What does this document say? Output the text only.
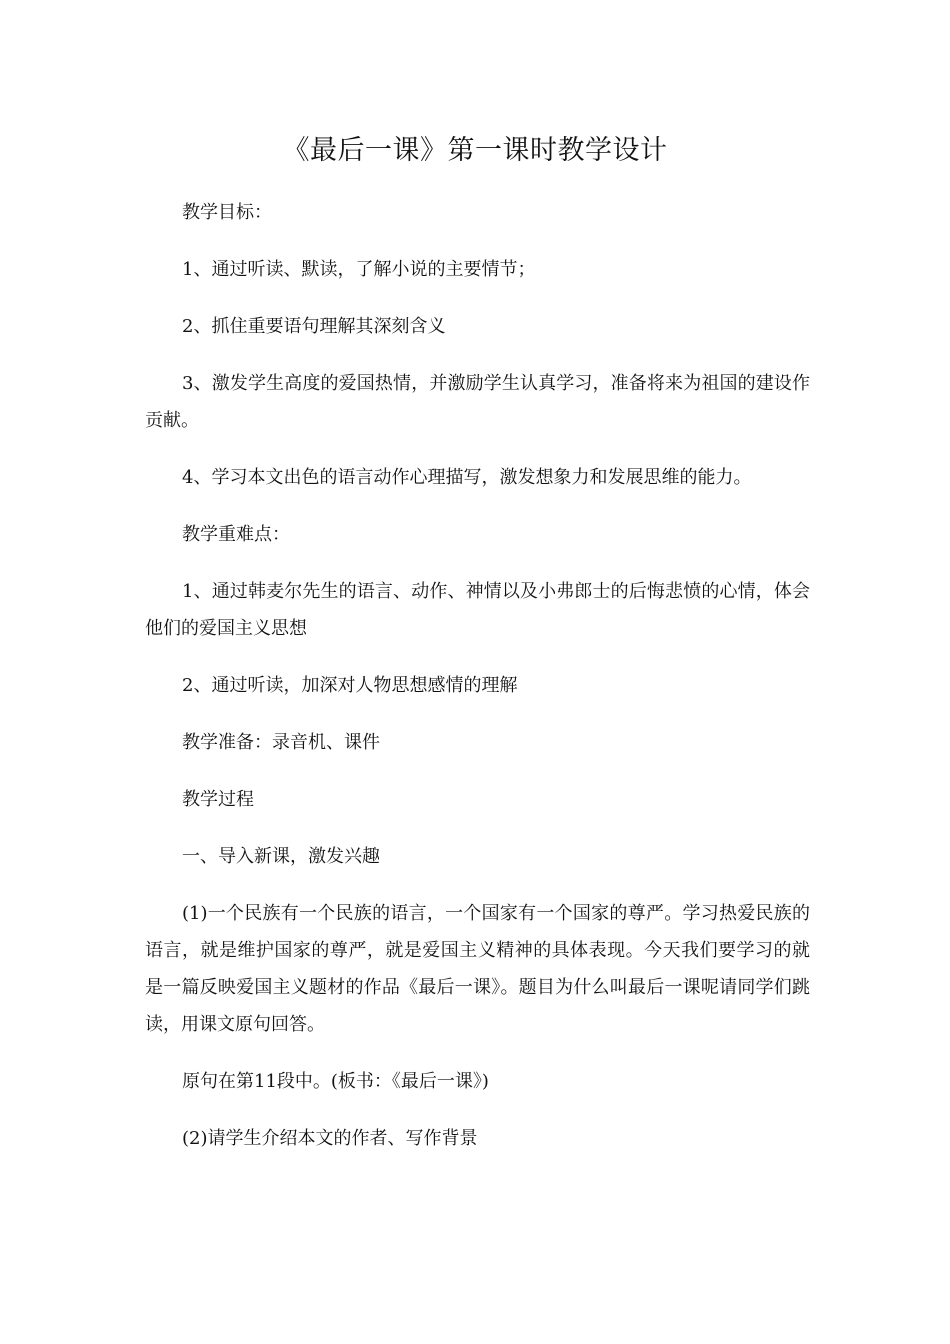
《最后一课》第一课时教学设计

教学目标：

1、通过听读、默读，了解小说的主要情节；

2、抓住重要语句理解其深刻含义

3、激发学生高度的爱国热情，并激励学生认真学习，准备将来为祖国的建设作贡献。

4、学习本文出色的语言动作心理描写，激发想象力和发展思维的能力。

教学重难点：

1、通过韩麦尔先生的语言、动作、神情以及小弗郎士的后悔悲愤的心情，体会他们的爱国主义思想

2、通过听读，加深对人物思想感情的理解

教学准备：录音机、课件

教学过程

一、导入新课，激发兴趣

(1)一个民族有一个民族的语言，一个国家有一个国家的尊严。学习热爱民族的语言，就是维护国家的尊严，就是爱国主义精神的具体表现。今天我们要学习的就是一篇反映爱国主义题材的作品《最后一课》。题目为什么叫最后一课呢请同学们跳读，用课文原句回答。

原句在第11段中。(板书：《最后一课》)

(2)请学生介绍本文的作者、写作背景
